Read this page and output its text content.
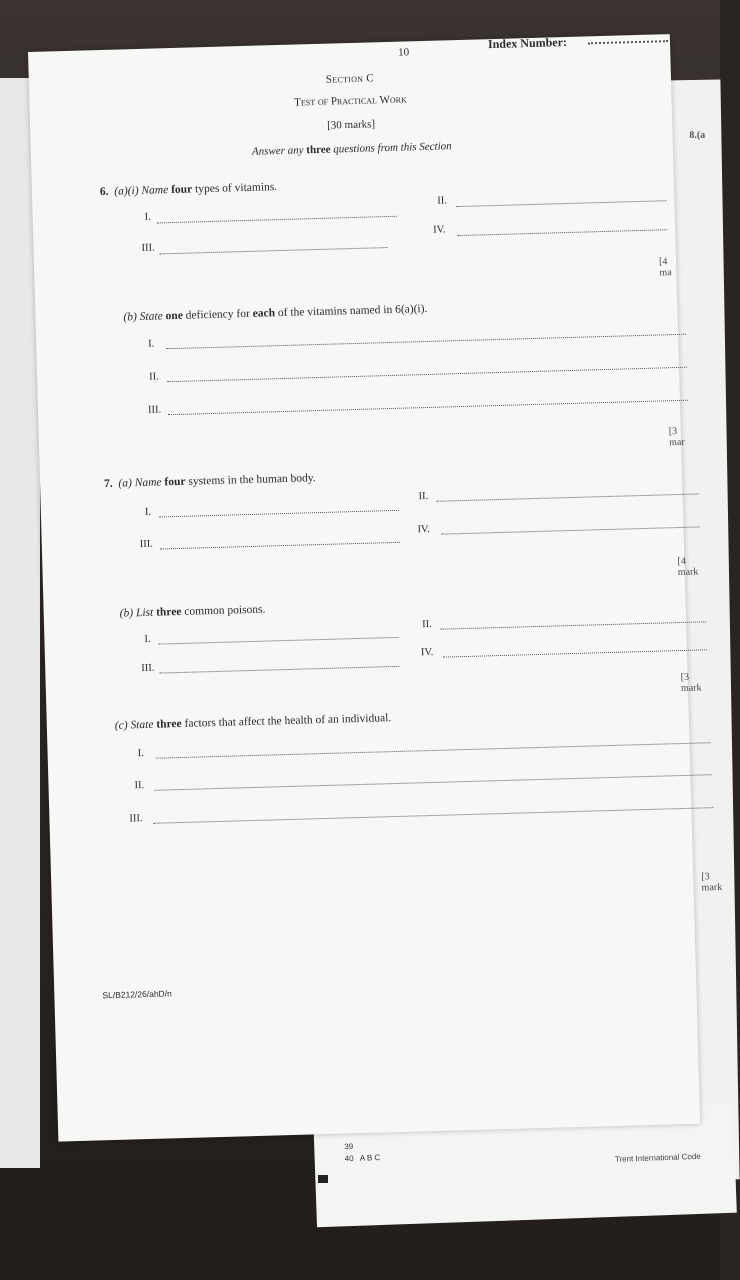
8.(a
39
40 A B C	Trent International Code
10
Index Number:
Section C
Test of Practical Work
[30 marks]
Answer any three questions from this Section
6. (a)(i) Name four types of vitamins.
I.
II.
III.
IV.
[4 ma
(b) State one deficiency for each of the vitamins named in 6(a)(i).
I.
II.
III.
[3 mar
7. (a) Name four systems in the human body.
I.
II.
III.
IV.
[4 mark
(b) List three common poisons.
I.
II.
III.
IV.
[3 mark
(c) State three factors that affect the health of an individual.
I.
II.
III.
[3 mark
SL/B212/26/ahD/n
